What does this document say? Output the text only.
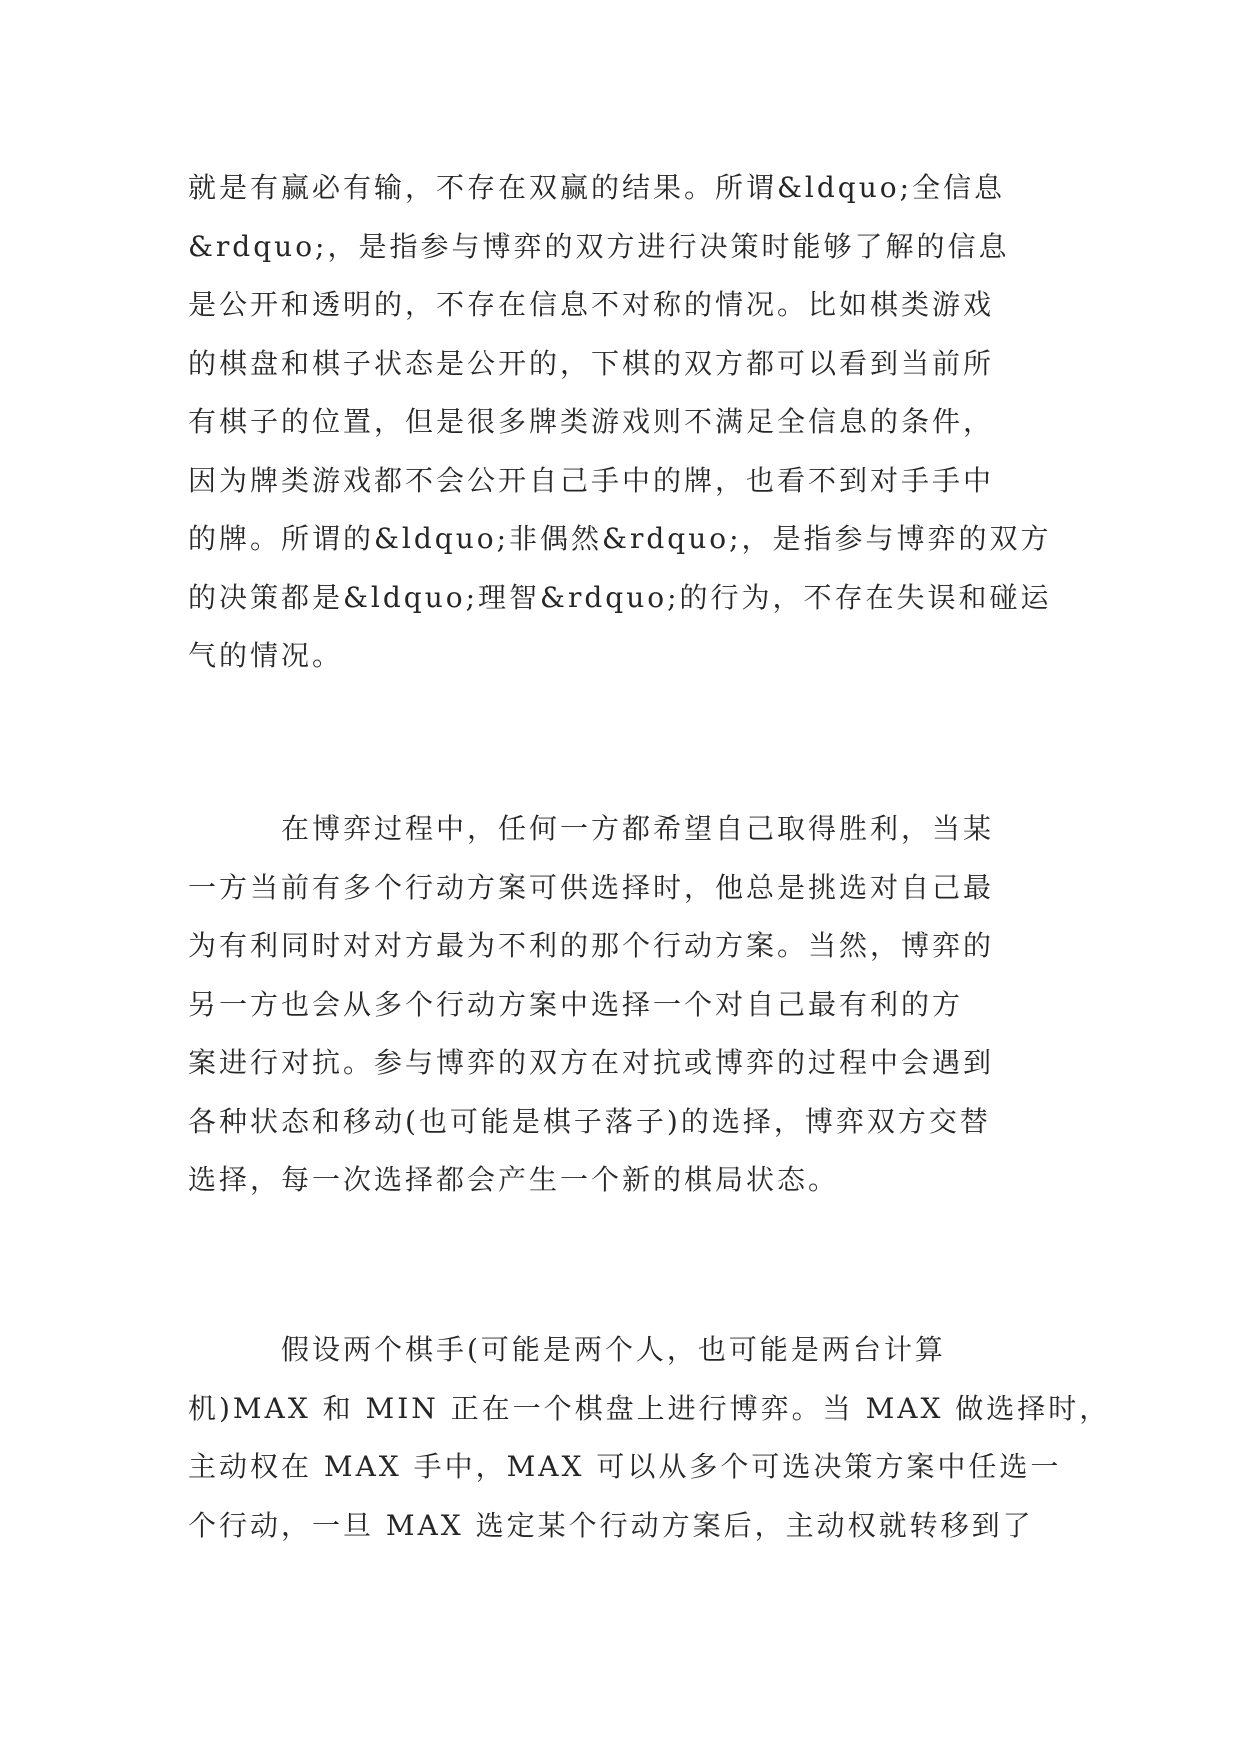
就是有赢必有输，不存在双赢的结果。所谓&ldquo;全信息
&rdquo;，是指参与博弈的双方进行决策时能够了解的信息
是公开和透明的，不存在信息不对称的情况。比如棋类游戏
的棋盘和棋子状态是公开的，下棋的双方都可以看到当前所
有棋子的位置，但是很多牌类游戏则不满足全信息的条件，
因为牌类游戏都不会公开自己手中的牌，也看不到对手手中
的牌。所谓的&ldquo;非偶然&rdquo;，是指参与博弈的双方
的决策都是&ldquo;理智&rdquo;的行为，不存在失误和碰运
气的情况。
　　　在博弈过程中，任何一方都希望自己取得胜利，当某
一方当前有多个行动方案可供选择时，他总是挑选对自己最
为有利同时对对方最为不利的那个行动方案。当然，博弈的
另一方也会从多个行动方案中选择一个对自己最有利的方
案进行对抗。参与博弈的双方在对抗或博弈的过程中会遇到
各种状态和移动(也可能是棋子落子)的选择，博弈双方交替
选择，每一次选择都会产生一个新的棋局状态。
　　　假设两个棋手(可能是两个人，也可能是两台计算
机)MAX 和 MIN 正在一个棋盘上进行博弈。当 MAX 做选择时，
主动权在 MAX 手中，MAX 可以从多个可选决策方案中任选一
个行动，一旦 MAX 选定某个行动方案后，主动权就转移到了
